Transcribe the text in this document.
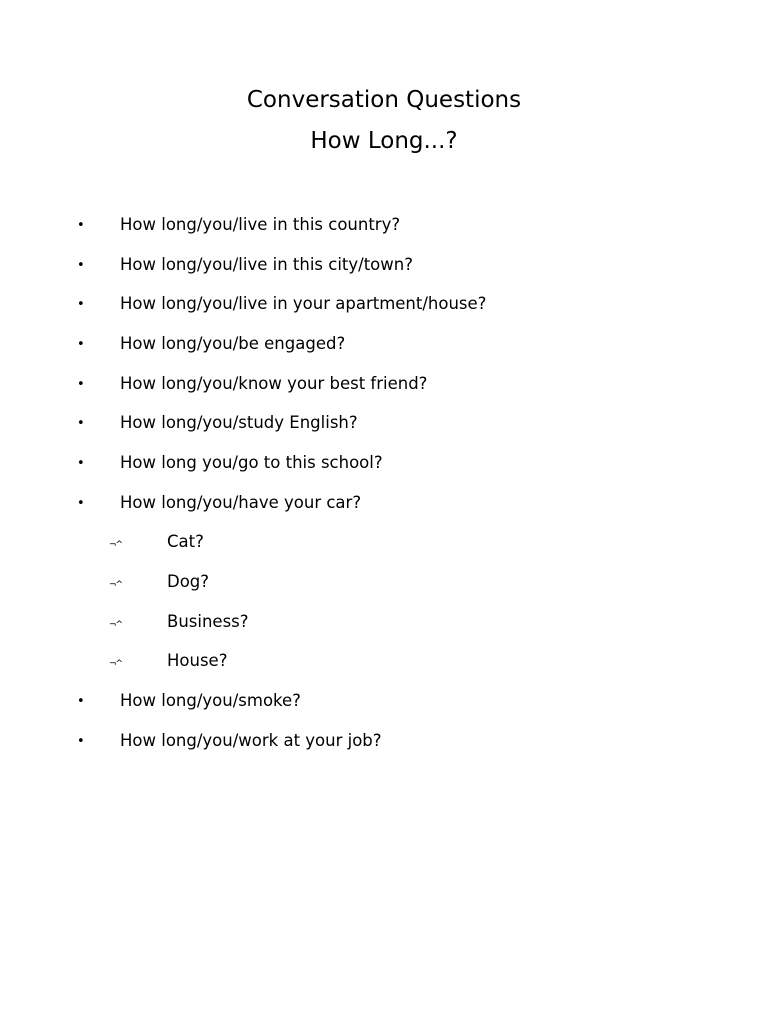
Conversation Questions
How Long...?
• How long/you/live in this country?
• How long/you/live in this city/town?
• How long/you/live in your apartment/house?
• How long/you/be engaged?
• How long/you/know your best friend?
• How long/you/study English?
• How long you/go to this school?
• How long/you/have your car?
¬^	Cat?
¬^	Dog?
¬^	Business?
¬^	House?
• How long/you/smoke?
• How long/you/work at your job?
